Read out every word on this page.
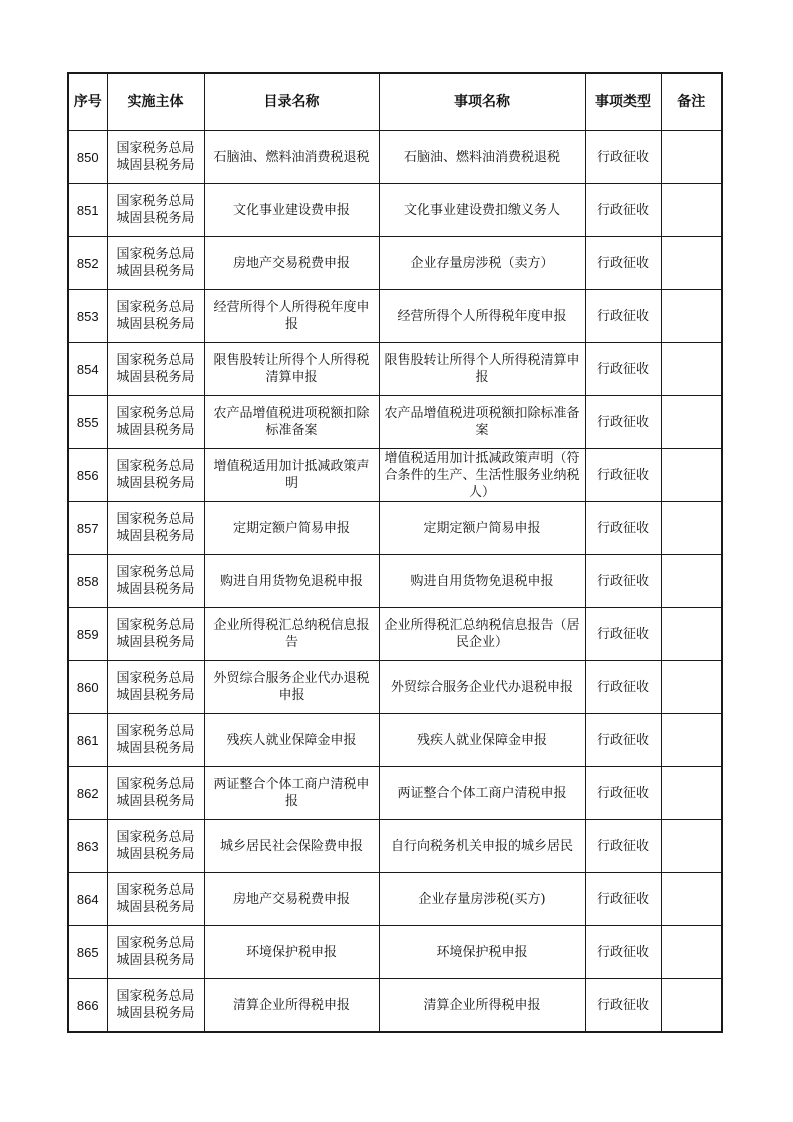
序号	实施主体	目录名称	事项名称	事项类型	备注
850	国家税务总局城固县税务局	石脑油、燃料油消费税退税	石脑油、燃料油消费税退税	行政征收	
851	国家税务总局城固县税务局	文化事业建设费申报	文化事业建设费扣缴义务人	行政征收	
852	国家税务总局城固县税务局	房地产交易税费申报	企业存量房涉税（卖方）	行政征收	
853	国家税务总局城固县税务局	经营所得个人所得税年度申报	经营所得个人所得税年度申报	行政征收	
854	国家税务总局城固县税务局	限售股转让所得个人所得税清算申报	限售股转让所得个人所得税清算申报	行政征收	
855	国家税务总局城固县税务局	农产品增值税进项税额扣除标准备案	农产品增值税进项税额扣除标准备案	行政征收	
856	国家税务总局城固县税务局	增值税适用加计抵减政策声明	增值税适用加计抵减政策声明（符合条件的生产、生活性服务业纳税人）	行政征收	
857	国家税务总局城固县税务局	定期定额户简易申报	定期定额户简易申报	行政征收	
858	国家税务总局城固县税务局	购进自用货物免退税申报	购进自用货物免退税申报	行政征收	
859	国家税务总局城固县税务局	企业所得税汇总纳税信息报告	企业所得税汇总纳税信息报告（居民企业）	行政征收	
860	国家税务总局城固县税务局	外贸综合服务企业代办退税申报	外贸综合服务企业代办退税申报	行政征收	
861	国家税务总局城固县税务局	残疾人就业保障金申报	残疾人就业保障金申报	行政征收	
862	国家税务总局城固县税务局	两证整合个体工商户清税申报	两证整合个体工商户清税申报	行政征收	
863	国家税务总局城固县税务局	城乡居民社会保险费申报	自行向税务机关申报的城乡居民	行政征收	
864	国家税务总局城固县税务局	房地产交易税费申报	企业存量房涉税(买方)	行政征收	
865	国家税务总局城固县税务局	环境保护税申报	环境保护税申报	行政征收	
866	国家税务总局城固县税务局	清算企业所得税申报	清算企业所得税申报	行政征收	
